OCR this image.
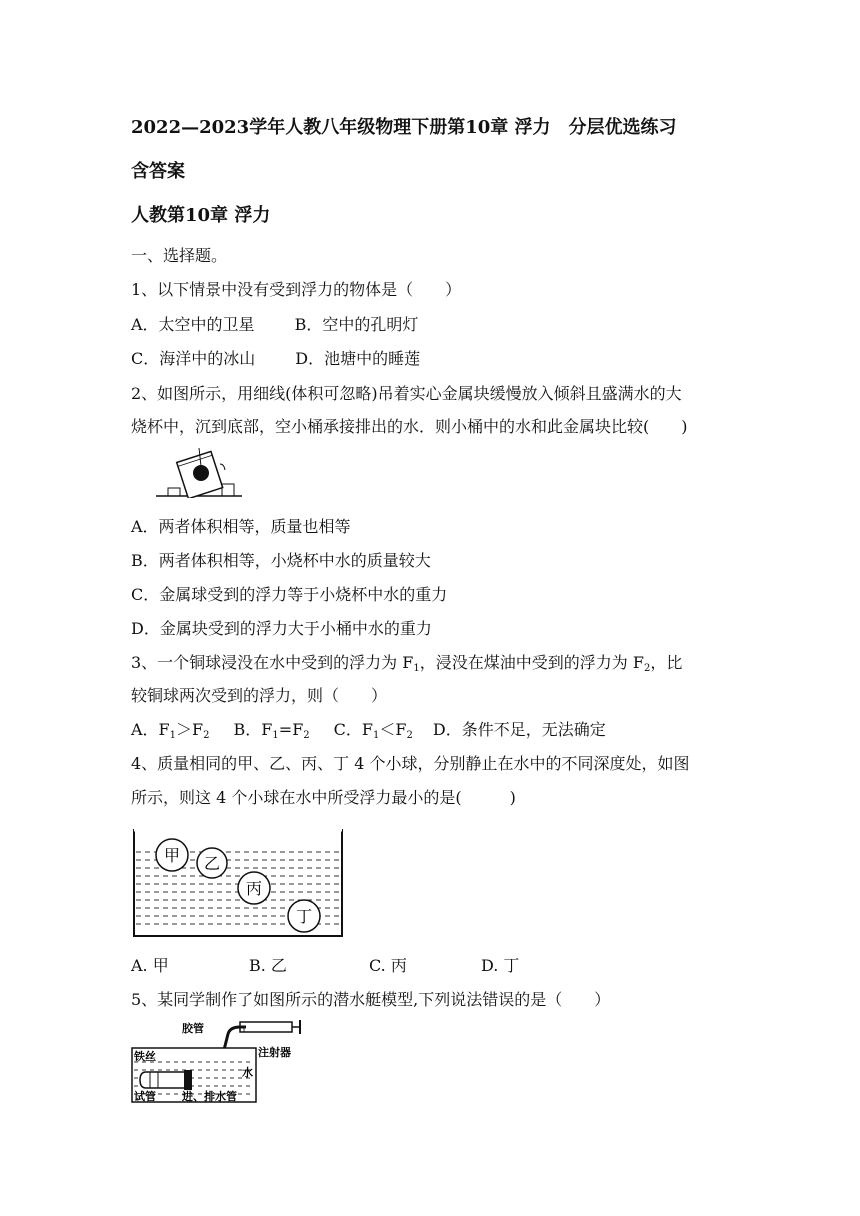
2022—2023学年人教八年级物理下册第10章 浮力　分层优选练习
含答案
人教第10章 浮力
一、选择题。
1、以下情景中没有受到浮力的物体是（　　）
A．太空中的卫星	B．空中的孔明灯
C．海洋中的冰山	D．池塘中的睡莲
2、如图所示，用细线(体积可忽略)吊着实心金属块缓慢放入倾斜且盛满水的大
烧杯中，沉到底部，空小桶承接排出的水．则小桶中的水和此金属块比较(　　)
A．两者体积相等，质量也相等
B．两者体积相等，小烧杯中水的质量较大
C．金属球受到的浮力等于小烧杯中水的重力
D．金属块受到的浮力大于小桶中水的重力
3、一个铜球浸没在水中受到的浮力为 $F_1$，浸没在煤油中受到的浮力为 $F_2$，比
较铜球两次受到的浮力，则（　　）
A．$F_1>F_2$ B．$F_1=F_2$ C．$F_1<F_2$ D．条件不足，无法确定
4、质量相同的甲、乙、丙、丁 4 个小球，分别静止在水中的不同深度处，如图
所示，则这 4 个小球在水中所受浮力最小的是(　　　)
甲 乙
丙
丁
A. 甲	B. 乙	C. 丙	D. 丁
5、某同学制作了如图所示的潜水艇模型,下列说法错误的是（　　）
胶管
注射器
铁丝
水
试管 进、排水管
